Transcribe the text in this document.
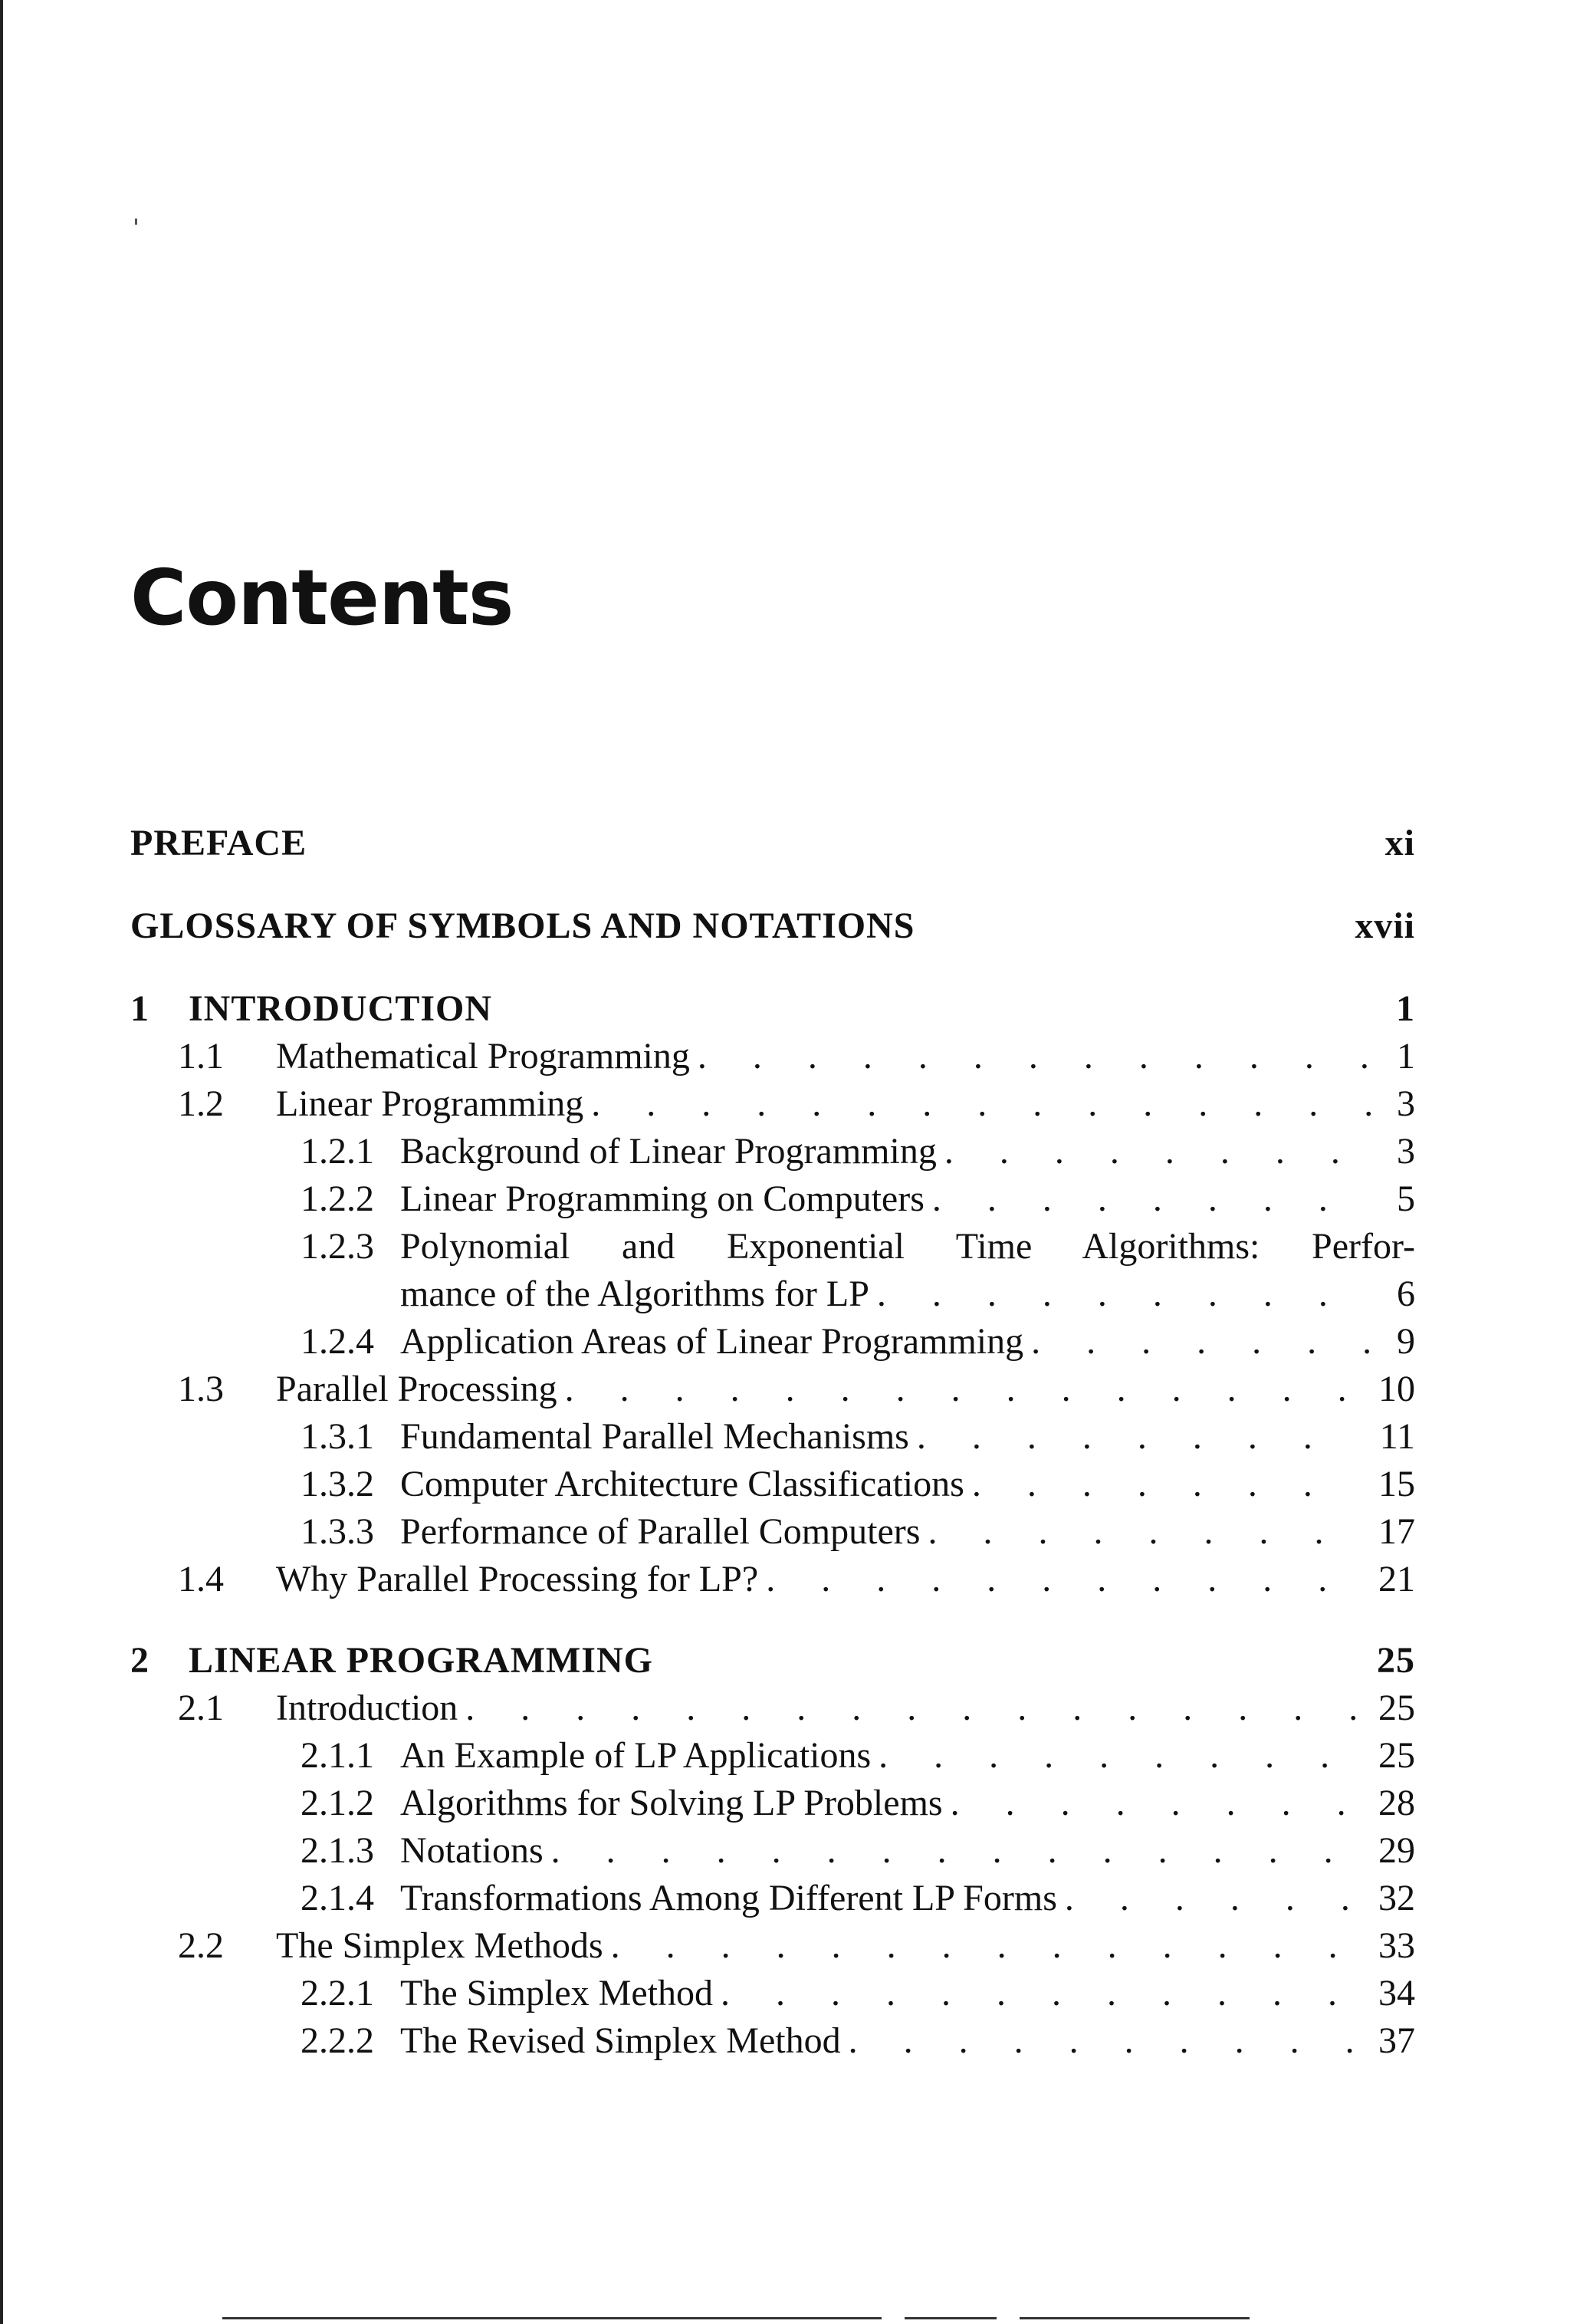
Contents
PREFACE	xi
GLOSSARY OF SYMBOLS AND NOTATIONS	xvii
1	INTRODUCTION	1
1.1	Mathematical Programming . . .	1
1.2	Linear Programming . . .	3
1.2.1 Background of Linear Programming . . .	3
1.2.2 Linear Programming on Computers . . .	5
1.2.3 Polynomial and Exponential Time Algorithms: Perfor-
mance of the Algorithms for LP . . .	6
1.2.4 Application Areas of Linear Programming . . .	9
1.3	Parallel Processing . . .	10
1.3.1 Fundamental Parallel Mechanisms . . .	11
1.3.2 Computer Architecture Classifications . . .	15
1.3.3 Performance of Parallel Computers . . .	17
1.4	Why Parallel Processing for LP? . . .	21
2	LINEAR PROGRAMMING	25
2.1	Introduction . . .	25
2.1.1 An Example of LP Applications . . .	25
2.1.2 Algorithms for Solving LP Problems . . .	28
2.1.3 Notations . . .	29
2.1.4 Transformations Among Different LP Forms . . .	32
2.2	The Simplex Methods . . .	33
2.2.1 The Simplex Method . . .	34
2.2.2 The Revised Simplex Method . . .	37
